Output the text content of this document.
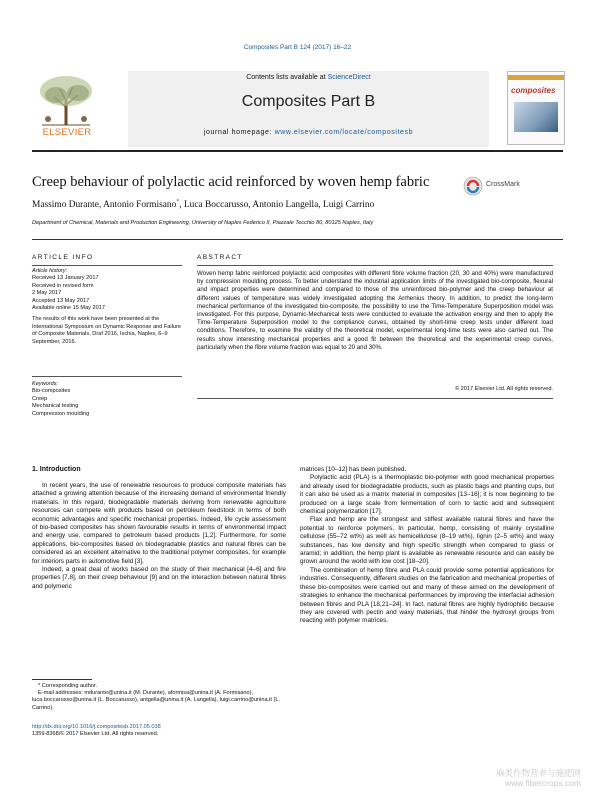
Composites Part B 124 (2017) 16–22
ELSEVIER
Contents lists available at ScienceDirect
Composites Part B
journal homepage: www.elsevier.com/locate/compositesb
composites
Creep behaviour of polylactic acid reinforced by woven hemp fabric	CrossMark
Massimo Durante, Antonio Formisano*, Luca Boccarusso, Antonio Langella, Luigi Carrino
Department of Chemical, Materials and Production Engineering, University of Naples Federico II, Piazzale Tecchio 80, 80125 Naples, Italy
ARTICLE INFO
Article history:
Received 13 January 2017
Received in revised form
2 May 2017
Accepted 13 May 2017
Available online 15 May 2017
The results of this work have been presented at the International Symposium on Dynamic Response and Failure of Composite Materials, Draf 2016, Ischia, Naples, 6–9 September, 2016.
Keywords:
Bio-composites
Creep
Mechanical testing
Compression moulding
ABSTRACT
Woven hemp fabric reinforced polylactic acid composites with different fibre volume fraction (20, 30 and 40%) were manufactured by compression moulding process. To better understand the industrial application limits of the investigated bio-composite, flexural and impact properties were determined and compared to those of the unreinforced bio-polymer and the creep behaviour at different values of temperature was widely investigated adopting the Arrhenius theory. In addition, to predict the long-term mechanical performance of the investigated bio-composite, the possibility to use the Time-Temperature Superposition model was investigated. For this purpose, Dynamic-Mechanical tests were conducted to evaluate the activation energy and then to apply the Time-Temperature Superposition model to the compliance curves, obtained by short-time creep tests under different load conditions. Therefore, to examine the validity of the theoretical model, experimental long-time tests were also carried out. The results show interesting mechanical properties and a good fit between the theoretical and the experimental creep curves, particularly when the fibre volume fraction was equal to 20 and 30%.
© 2017 Elsevier Ltd. All rights reserved.
1. Introduction

In recent years, the use of renewable resources to produce composite materials has attached a growing attention because of the increasing demand of environmental friendly materials. In this regard, biodegradable materials deriving from renewable agriculture resources can compete with products based on petroleum feedstock in terms of both economic advantages and specific mechanical properties. Indeed, life cycle assessment of bio-based composites has shown favourable results in terms of environmental impact and energy use, compared to petroleum based products [1,2]. Furthermore, for some applications, bio-composites based on biodegradable plastics and natural fibres can be considered as an excellent alternative to the traditional polymer composites, for example for interiors parts in automotive field [3].

Indeed, a great deal of works based on the study of their mechanical [4–6] and fire properties [7,8], on their creep behaviour [9] and on the interaction between natural fibres and polymeric

matrices [10–12] has been published.

Polylactic acid (PLA) is a thermoplastic bio-polymer with good mechanical properties and already used for biodegradable products, such as plastic bags and planting cups, but it can also be used as a matrix material in composites [13–16]; it is now beginning to be produced on a large scale from fermentation of corn to lactic acid and subsequent chemical polymerization [17].

Flax and hemp are the strongest and stiffest available natural fibres and have the potential to reinforce polymers. In particular, hemp, consisting of mainly crystalline cellulose (55–72 wt%) as well as hemicellulose (8–19 wt%), lignin (2–5 wt%) and waxy substances, has low density and high specific strength when compared to glass or aramid; in addition, the hemp plant is available as renewable resource and can easily be grown around the world with low cost [18–20].

The combination of hemp fibre and PLA could provide some potential applications for industries. Consequently, different studies on the fabrication and mechanical properties of these bio-composites were carried out and many of these aimed on the development of strategies to enhance the mechanical performances by improving the interfacial adhesion between fibres and PLA [18,21–24]. In fact, natural fibres are highly hydrophilic because they are covered with pectin and waxy materials, that hinder the hydroxyl groups from reacting with polymer matrices.

* Corresponding author.
E-mail addresses: mdurante@unina.it (M. Durante), aformisa@unina.it (A. Formisano), luca.boccarusso@unina.it (L. Boccarusso), antgella@unina.it (A. Langella), luigi.carrino@unina.it (L. Carrino).
http://dx.doi.org/10.1016/j.compositesb.2017.05.038
1359-8368/© 2017 Elsevier Ltd. All rights reserved.
麻类作物营养与施肥网
www.fibercrops.com
